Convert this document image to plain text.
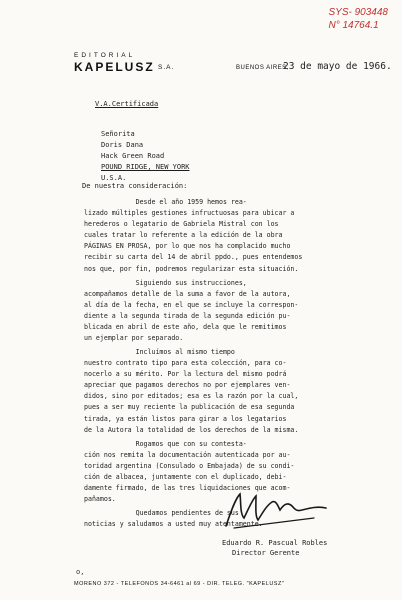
SYS- 903448
N° 14764.1
EDITORIAL
KAPELUSZ S.A.	BUENOS AIRES,
23 de mayo de 1966.
V.A.Certificada
Señorita
Doris Dana
Hack Green Road
POUND RIDGE, NEW YORK
U.S.A.
De nuestra consideración:
Desde el año 1959 hemos rea-
lizado múltiples gestiones infructuosas para ubicar a
herederos o legatario de Gabriela Mistral con los
cuales tratar lo referente a la edición de la obra
PÁGINAS EN PROSA, por lo que nos ha complacido mucho
recibir su carta del 14 de abril ppdo., pues entendemos
nos que, por fin, podremos regularizar esta situación.
Siguiendo sus instrucciones,
acompañamos detalle de la suma a favor de la autora,
al día de la fecha, en el que se incluye la correspon-
diente a la segunda tirada de la segunda edición pu-
blicada en abril de este año, dela que le remitimos
un ejemplar por separado.
Incluímos al mismo tiempo
nuestro contrato tipo para esta colección, para co-
nocerlo a su mérito. Por la lectura del mismo podrá
apreciar que pagamos derechos no por ejemplares ven-
didos, sino por editados; esa es la razón por la cual,
pues a ser muy reciente la publicación de esa segunda
tirada, ya están listos para girar a los legatarios
de la Autora la totalidad de los derechos de la misma.
Rogamos que con su contesta-
ción nos remita la documentación autenticada por au-
toridad argentina (Consulado o Embajada) de su condi-
ción de albacea, juntamente con el duplicado, debi-
damente firmado, de las tres liquidaciones que acom-
pañamos.
Quedamos pendientes de sus
noticias y saludamos a usted muy atentamente.
Eduardo R. Pascual Robles
Director Gerente
o,
MORENO 372 - TELEFONOS 34-6461 al 69 - DIR. TELEG. "KAPELUSZ"
